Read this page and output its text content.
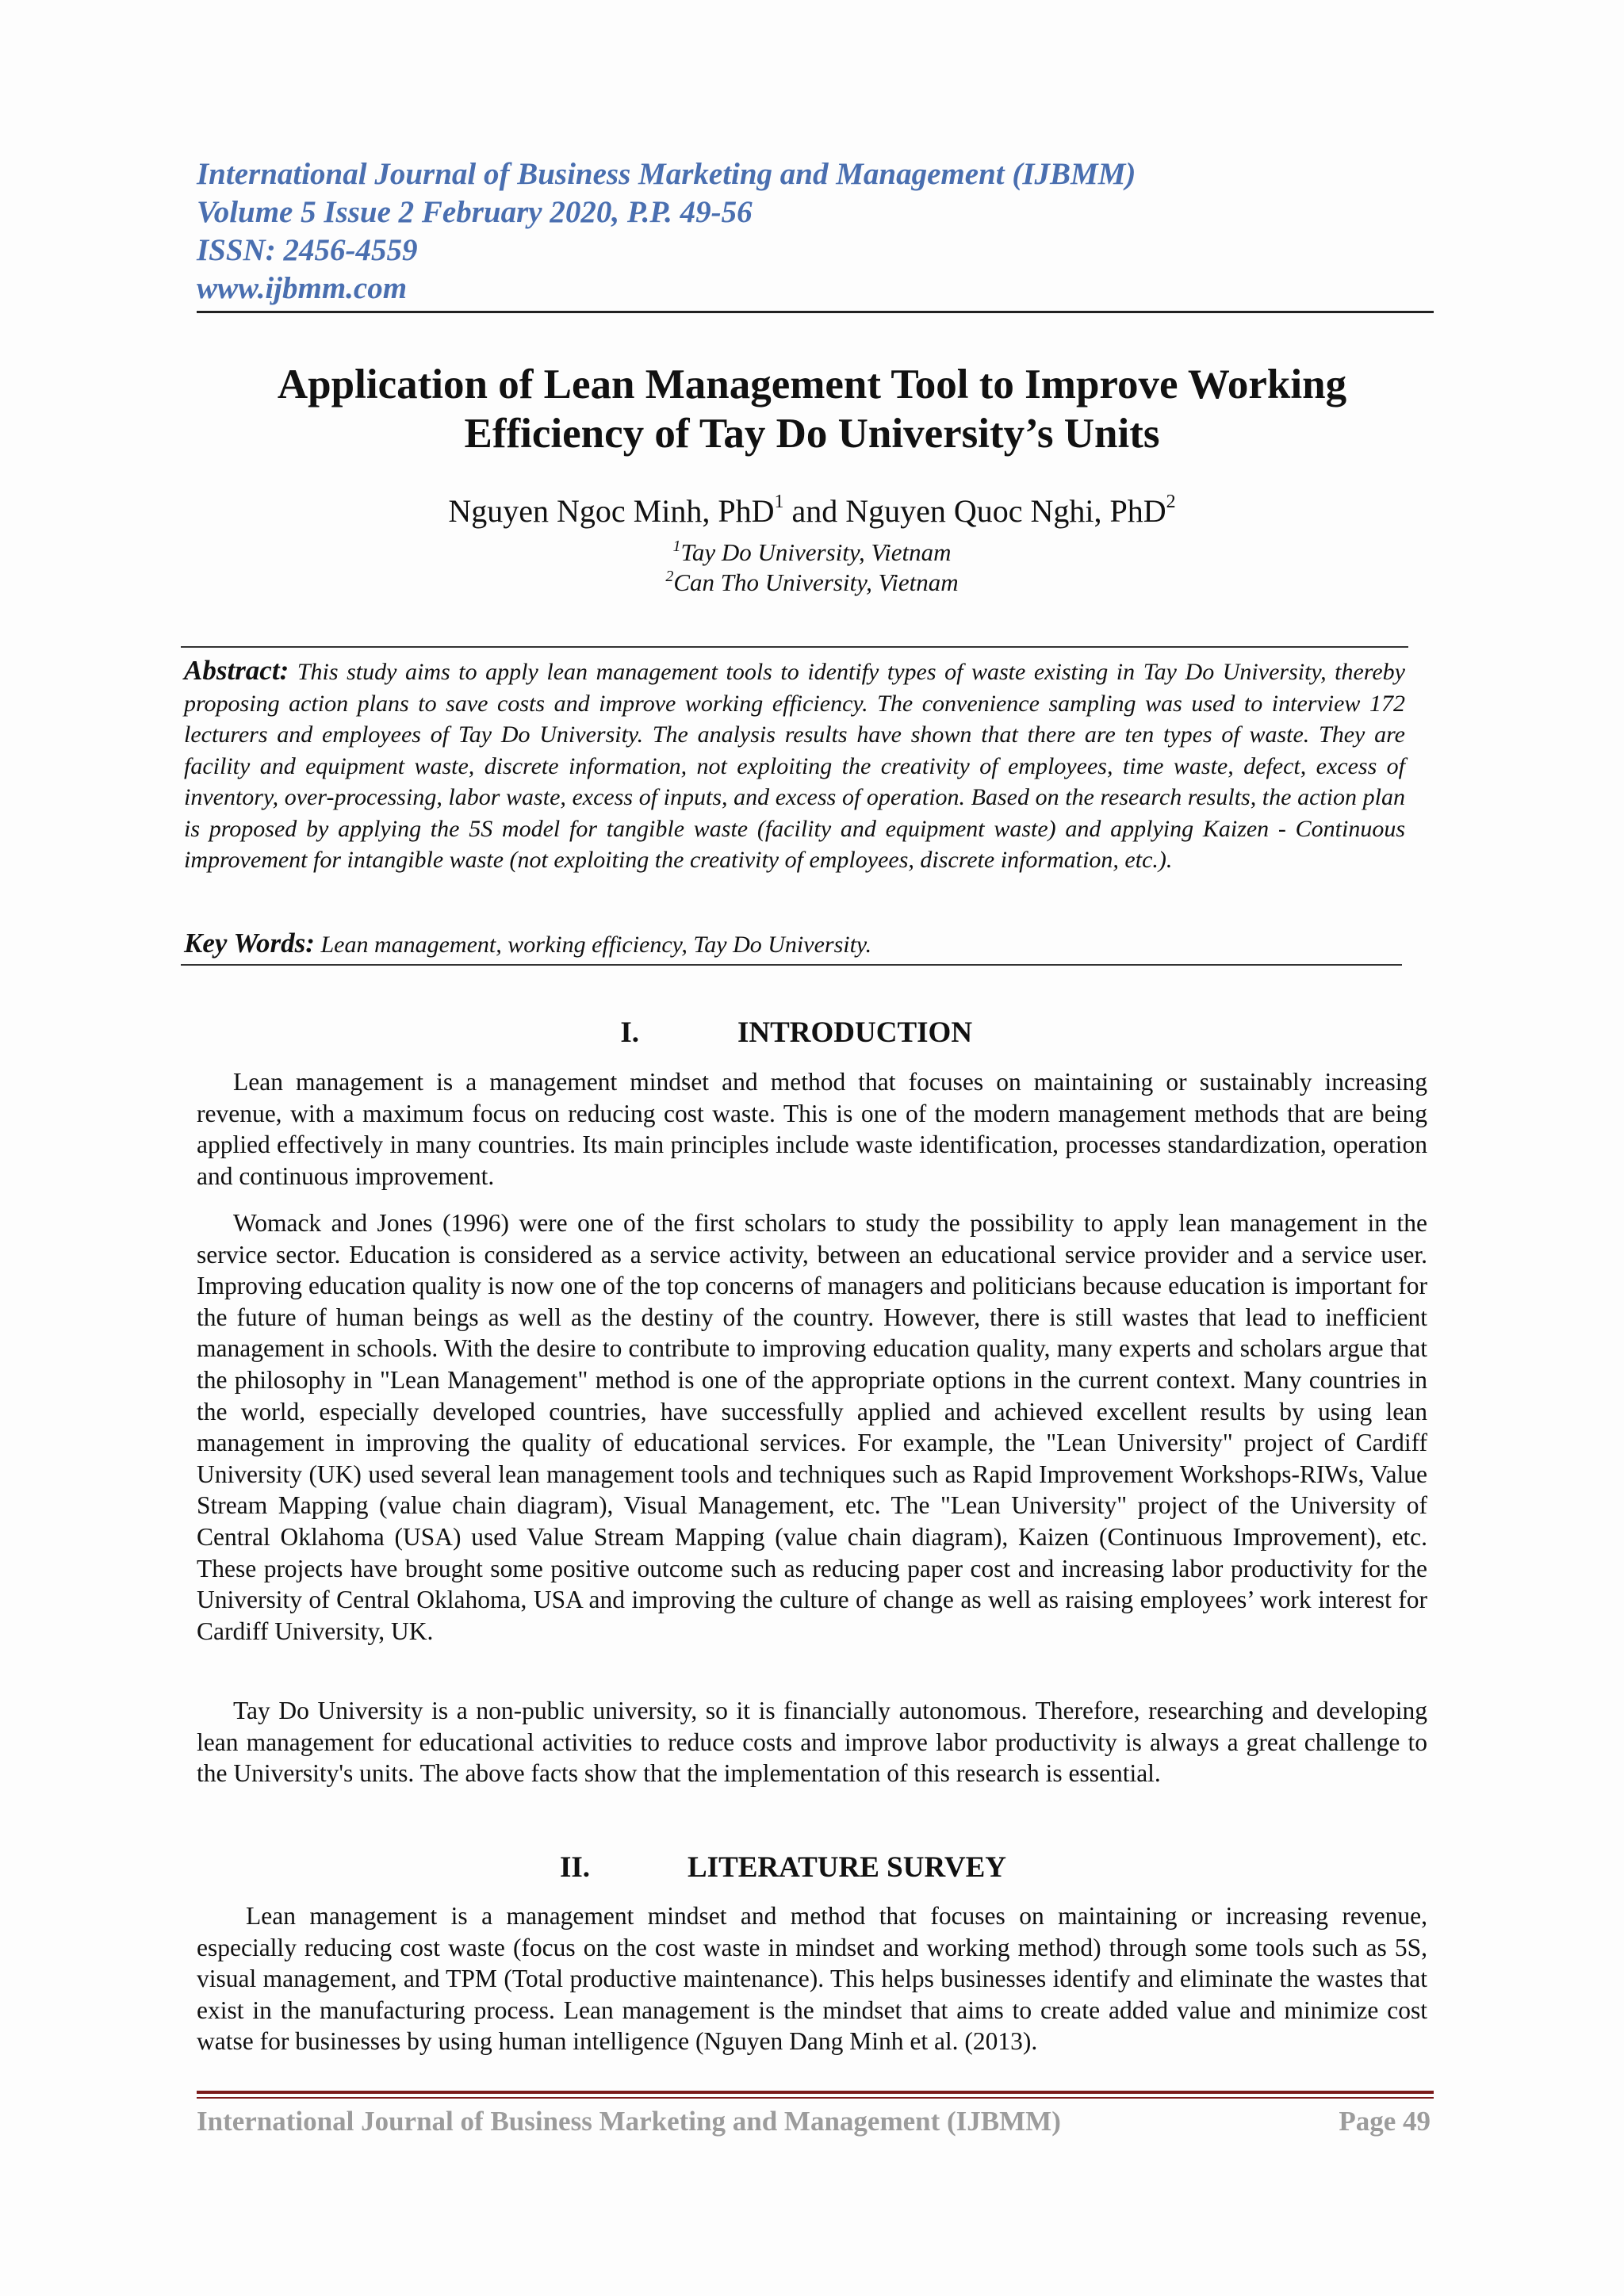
International Journal of Business Marketing and Management (IJBMM)
Volume 5 Issue 2 February 2020, P.P. 49-56
ISSN: 2456-4559
www.ijbmm.com
Application of Lean Management Tool to Improve Working
Efficiency of Tay Do University’s Units
Nguyen Ngoc Minh, PhD$^1$ and Nguyen Quoc Nghi, PhD$^2$
$^1$Tay Do University, Vietnam
$^2$Can Tho University, Vietnam
Abstract: This study aims to apply lean management tools to identify types of waste existing in Tay Do University, thereby proposing action plans to save costs and improve working efficiency. The convenience sampling was used to interview 172 lecturers and employees of Tay Do University. The analysis results have shown that there are ten types of waste. They are facility and equipment waste, discrete information, not exploiting the creativity of employees, time waste, defect, excess of inventory, over-processing, labor waste, excess of inputs, and excess of operation. Based on the research results, the action plan is proposed by applying the 5S model for tangible waste (facility and equipment waste) and applying Kaizen - Continuous improvement for intangible waste (not exploiting the creativity of employees, discrete information, etc.).
Key Words: Lean management, working efficiency, Tay Do University.
I.	INTRODUCTION
Lean management is a management mindset and method that focuses on maintaining or sustainably increasing revenue, with a maximum focus on reducing cost waste. This is one of the modern management methods that are being applied effectively in many countries. Its main principles include waste identification, processes standardization, operation and continuous improvement.
Womack and Jones (1996) were one of the first scholars to study the possibility to apply lean management in the service sector. Education is considered as a service activity, between an educational service provider and a service user. Improving education quality is now one of the top concerns of managers and politicians because education is important for the future of human beings as well as the destiny of the country. However, there is still wastes that lead to inefficient management in schools. With the desire to contribute to improving education quality, many experts and scholars argue that the philosophy in "Lean Management" method is one of the appropriate options in the current context. Many countries in the world, especially developed countries, have successfully applied and achieved excellent results by using lean management in improving the quality of educational services. For example, the "Lean University" project of Cardiff University (UK) used several lean management tools and techniques such as Rapid Improvement Workshops-RIWs, Value Stream Mapping (value chain diagram), Visual Management, etc. The "Lean University" project of the University of Central Oklahoma (USA) used Value Stream Mapping (value chain diagram), Kaizen (Continuous Improvement), etc. These projects have brought some positive outcome such as reducing paper cost and increasing labor productivity for the University of Central Oklahoma, USA and improving the culture of change as well as raising employees’ work interest for Cardiff University, UK.
Tay Do University is a non-public university, so it is financially autonomous. Therefore, researching and developing lean management for educational activities to reduce costs and improve labor productivity is always a great challenge to the University's units. The above facts show that the implementation of this research is essential.
II.	LITERATURE SURVEY
Lean management is a management mindset and method that focuses on maintaining or increasing revenue, especially reducing cost waste (focus on the cost waste in mindset and working method) through some tools such as 5S, visual management, and TPM (Total productive maintenance). This helps businesses identify and eliminate the wastes that exist in the manufacturing process. Lean management is the mindset that aims to create added value and minimize cost watse for businesses by using human intelligence (Nguyen Dang Minh et al. (2013).
International Journal of Business Marketing and Management (IJBMM)	Page 49
